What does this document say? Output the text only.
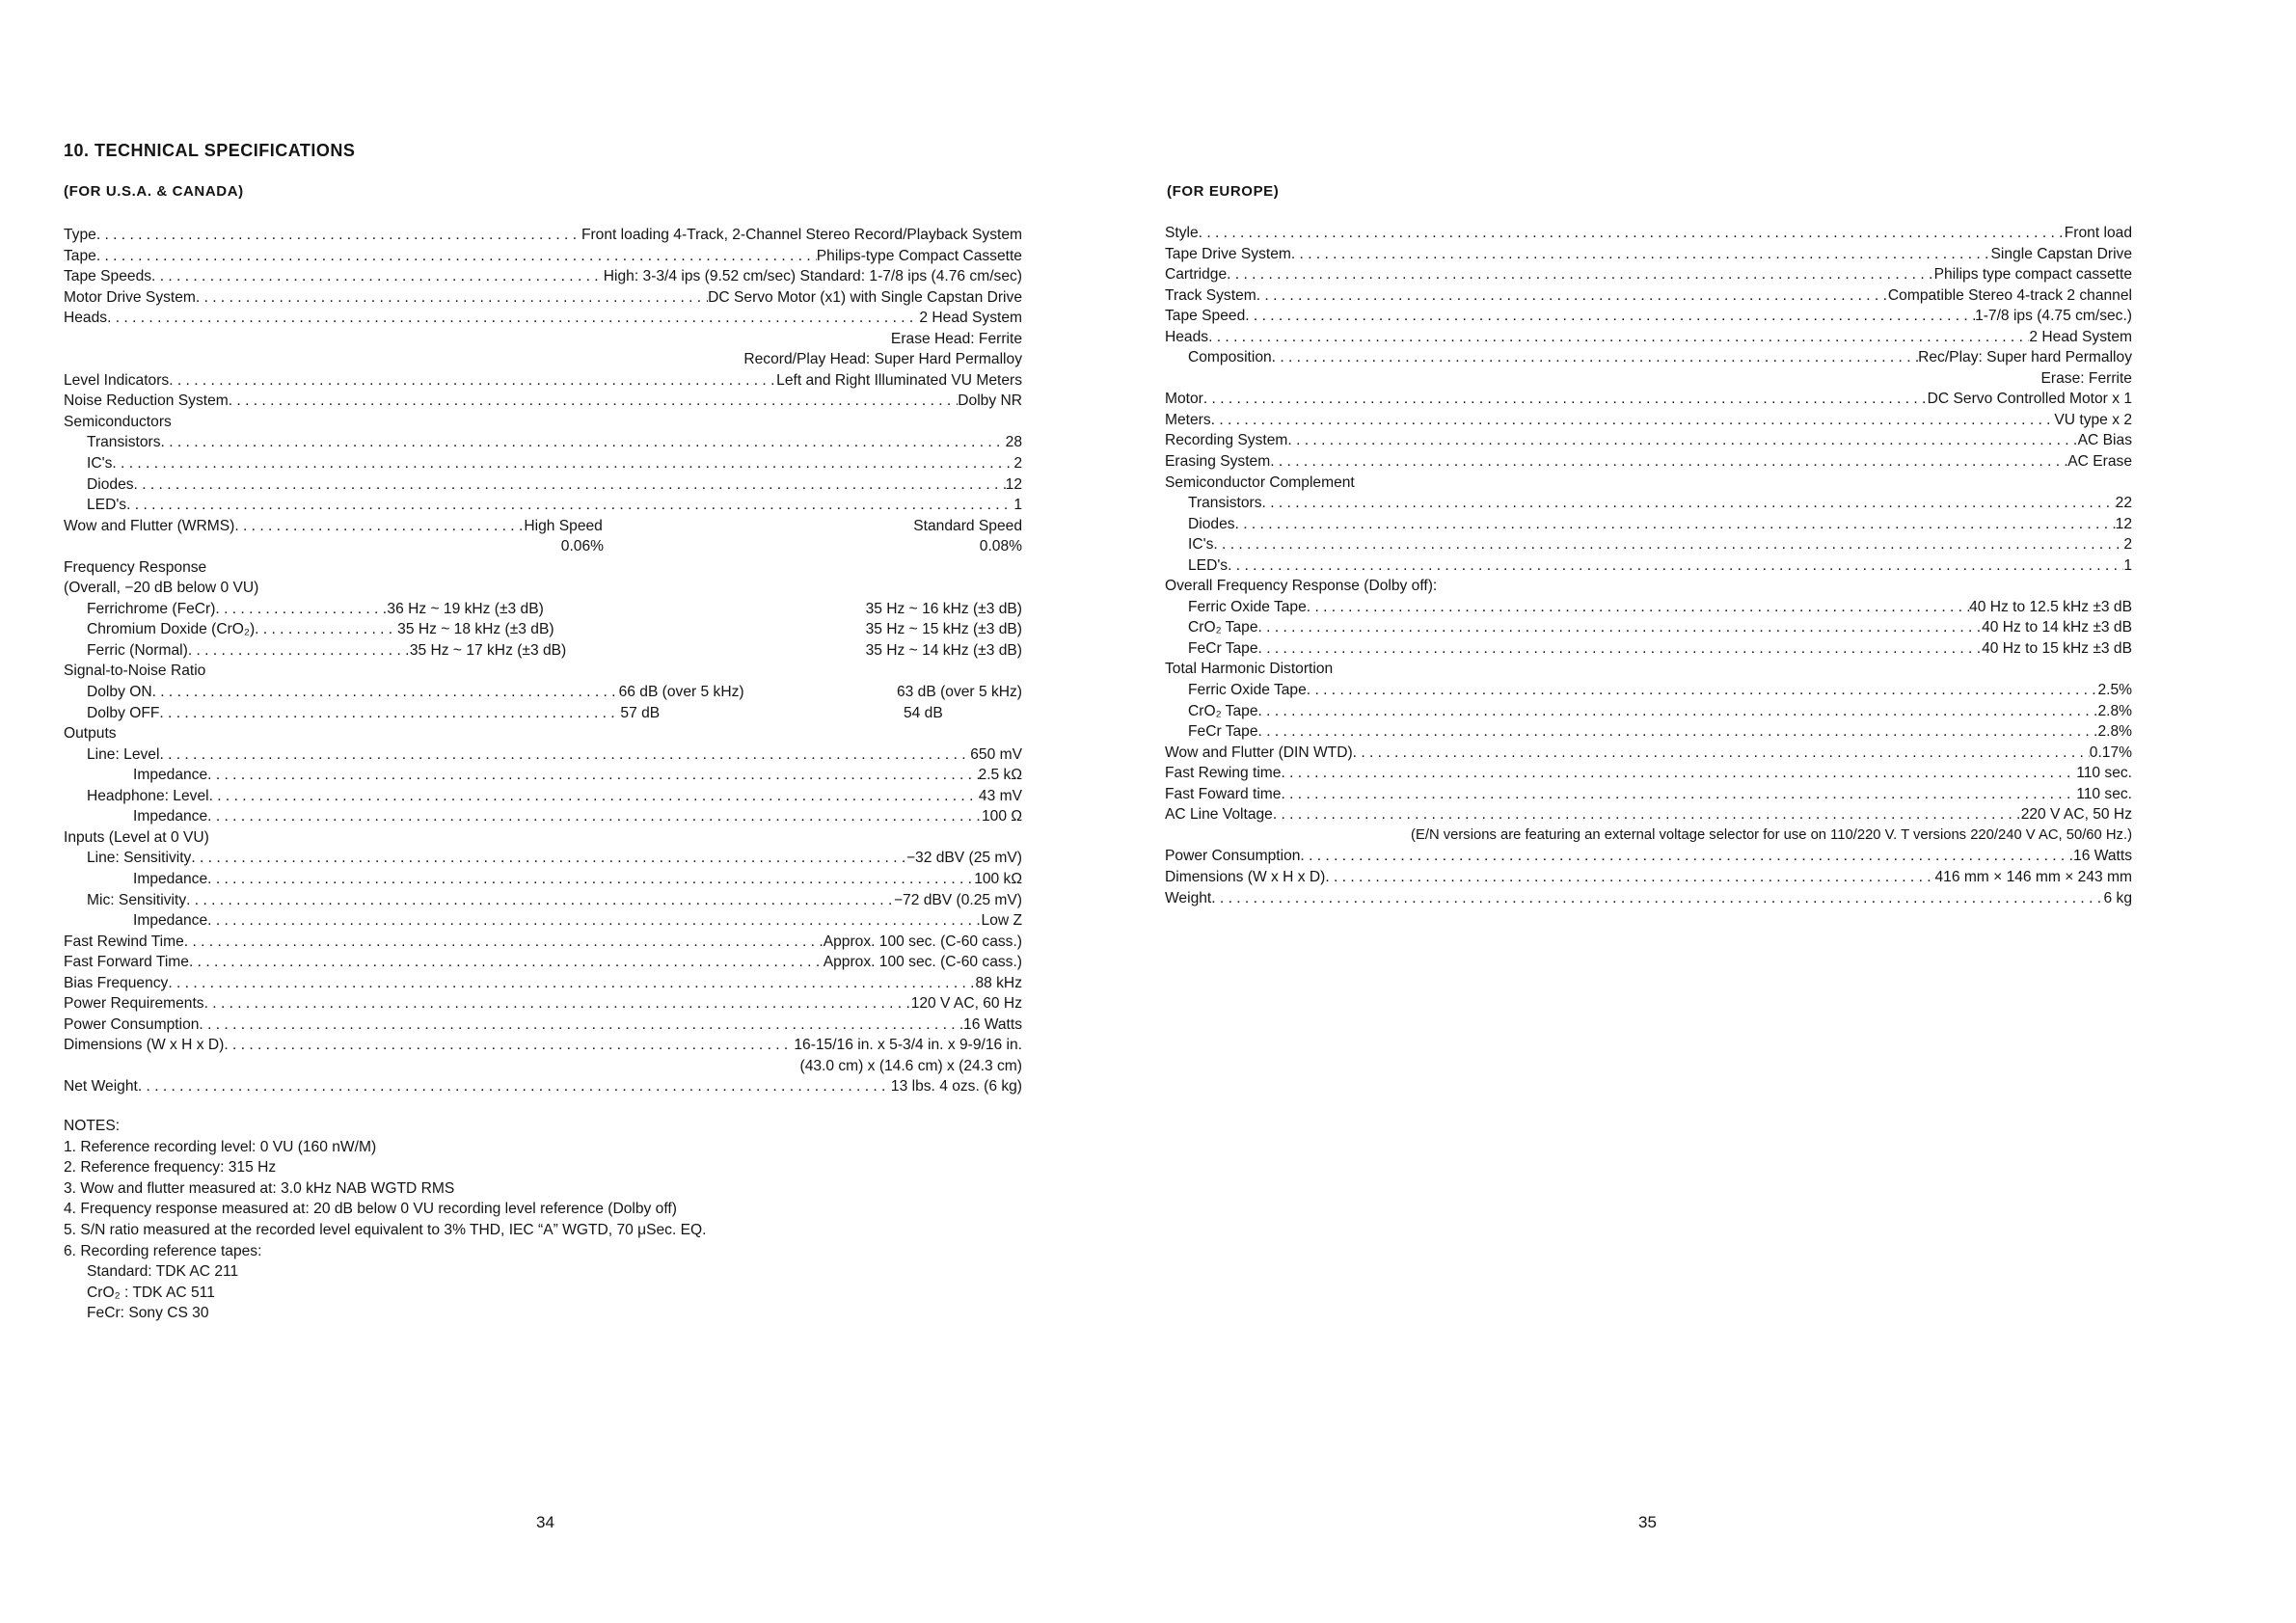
10. TECHNICAL SPECIFICATIONS
(FOR U.S.A. & CANADA)
Type . . .	Front loading 4-Track, 2-Channel Stereo Record/Playback System
Tape . . .	Philips-type Compact Cassette
Tape Speeds . . .	High: 3-3/4 ips (9.52 cm/sec) Standard: 1-7/8 ips (4.76 cm/sec)
Motor Drive System . . .	DC Servo Motor (x1) with Single Capstan Drive
Heads . . .	2 Head System
Erase Head: Ferrite
Record/Play Head: Super Hard Permalloy
Level Indicators . . .	Left and Right Illuminated VU Meters
Noise Reduction System . . .	Dolby NR
Semiconductors
Transistors . . .	28
IC's . . .	2
Diodes . . .	12
LED's . . .	1
Wow and Flutter (WRMS) . . .	High Speed	Standard Speed
0.06%	0.08%
Frequency Response
(Overall, −20 dB below 0 VU)
Ferrichrome (FeCr) . . .	36 Hz ~ 19 kHz (±3 dB)	35 Hz ~ 16 kHz (±3 dB)
Chromium Doxide (CrO₂) . . .	35 Hz ~ 18 kHz (±3 dB)	35 Hz ~ 15 kHz (±3 dB)
Ferric (Normal) . . .	35 Hz ~ 17 kHz (±3 dB)	35 Hz ~ 14 kHz (±3 dB)
Signal-to-Noise Ratio
Dolby ON . . .	66 dB (over 5 kHz)	63 dB (over 5 kHz)
Dolby OFF . . .	57 dB	54 dB
Outputs
Line: Level . . .	650 mV
Impedance . . .	2.5 kΩ
Headphone: Level . . .	43 mV
Impedance . . .	100 Ω
Inputs (Level at 0 VU)
Line: Sensitivity . . .	−32 dBV (25 mV)
Impedance . . .	100 kΩ
Mic: Sensitivity . . .	−72 dBV (0.25 mV)
Impedance . . .	Low Z
Fast Rewind Time . . .	Approx. 100 sec. (C-60 cass.)
Fast Forward Time . . .	Approx. 100 sec. (C-60 cass.)
Bias Frequency . . .	88 kHz
Power Requirements . . .	120 V AC, 60 Hz
Power Consumption . . .	16 Watts
Dimensions (W x H x D) . . .	16-15/16 in. x 5-3/4 in. x 9-9/16 in.
(43.0 cm) x (14.6 cm) x (24.3 cm)
Net Weight . . .	13 lbs. 4 ozs. (6 kg)
NOTES:
1. Reference recording level: 0 VU (160 nW/M)
2. Reference frequency: 315 Hz
3. Wow and flutter measured at: 3.0 kHz NAB WGTD RMS
4. Frequency response measured at: 20 dB below 0 VU recording level reference (Dolby off)
5. S/N ratio measured at the recorded level equivalent to 3% THD, IEC “A” WGTD, 70 μSec. EQ.
6. Recording reference tapes:
Standard: TDK AC 211
CrO₂ : TDK AC 511
FeCr: Sony CS 30
34
(FOR EUROPE)
Style . . .	Front load
Tape Drive System . . .	Single Capstan Drive
Cartridge . . .	Philips type compact cassette
Track System . . .	Compatible Stereo 4-track 2 channel
Tape Speed . . .	1-7/8 ips (4.75 cm/sec.)
Heads . . .	2 Head System
Composition . . .	Rec/Play: Super hard Permalloy
Erase: Ferrite
Motor . . .	DC Servo Controlled Motor x 1
Meters . . .	VU type x 2
Recording System . . .	AC Bias
Erasing System . . .	AC Erase
Semiconductor Complement
Transistors . . .	22
Diodes . . .	12
IC's . . .	2
LED's . . .	1
Overall Frequency Response (Dolby off):
Ferric Oxide Tape . . .	40 Hz to 12.5 kHz ±3 dB
CrO₂ Tape . . .	40 Hz to 14 kHz ±3 dB
FeCr Tape . . .	40 Hz to 15 kHz ±3 dB
Total Harmonic Distortion
Ferric Oxide Tape . . .	2.5%
CrO₂ Tape . . .	2.8%
FeCr Tape . . .	2.8%
Wow and Flutter (DIN WTD) . . .	0.17%
Fast Rewing time . . .	110 sec.
Fast Foward time . . .	110 sec.
AC Line Voltage . . .	220 V AC, 50 Hz
(E/N versions are featuring an external voltage selector for use on 110/220 V. T versions 220/240 V AC, 50/60 Hz.)
Power Consumption . . .	16 Watts
Dimensions (W x H x D) . . .	416 mm × 146 mm × 243 mm
Weight . . .	6 kg
35
